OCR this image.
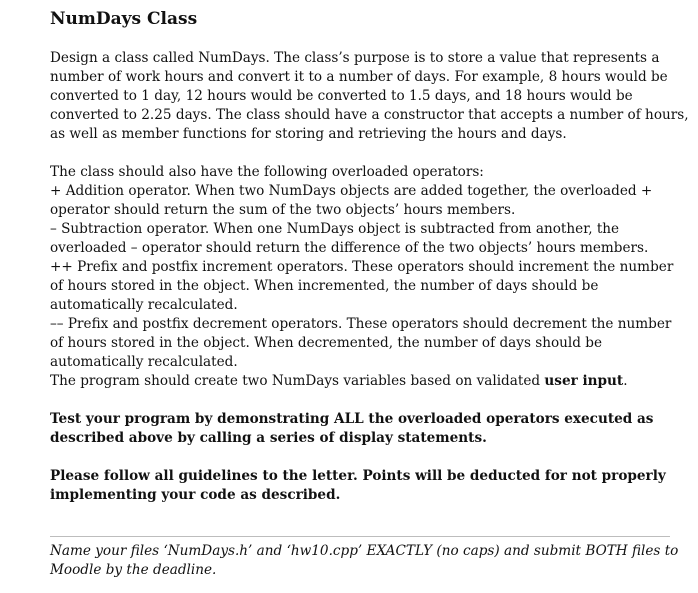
NumDays Class

Design a class called NumDays. The class’s purpose is to store a value that represents a
number of work hours and convert it to a number of days. For example, 8 hours would be
converted to 1 day, 12 hours would be converted to 1.5 days, and 18 hours would be
converted to 2.25 days. The class should have a constructor that accepts a number of hours,
as well as member functions for storing and retrieving the hours and days.

The class should also have the following overloaded operators:
+ Addition operator. When two NumDays objects are added together, the overloaded +
operator should return the sum of the two objects’ hours members.
– Subtraction operator. When one NumDays object is subtracted from another, the
overloaded – operator should return the difference of the two objects’ hours members.
++ Prefix and postfix increment operators. These operators should increment the number
of hours stored in the object. When incremented, the number of days should be
automatically recalculated.
–– Prefix and postfix decrement operators. These operators should decrement the number
of hours stored in the object. When decremented, the number of days should be
automatically recalculated.
The program should create two NumDays variables based on validated user input.

Test your program by demonstrating ALL the overloaded operators executed as
described above by calling a series of display statements.

Please follow all guidelines to the letter. Points will be deducted for not properly
implementing your code as described.

Name your files ‘NumDays.h’ and ‘hw10.cpp’ EXACTLY (no caps) and submit BOTH files to
Moodle by the deadline.
